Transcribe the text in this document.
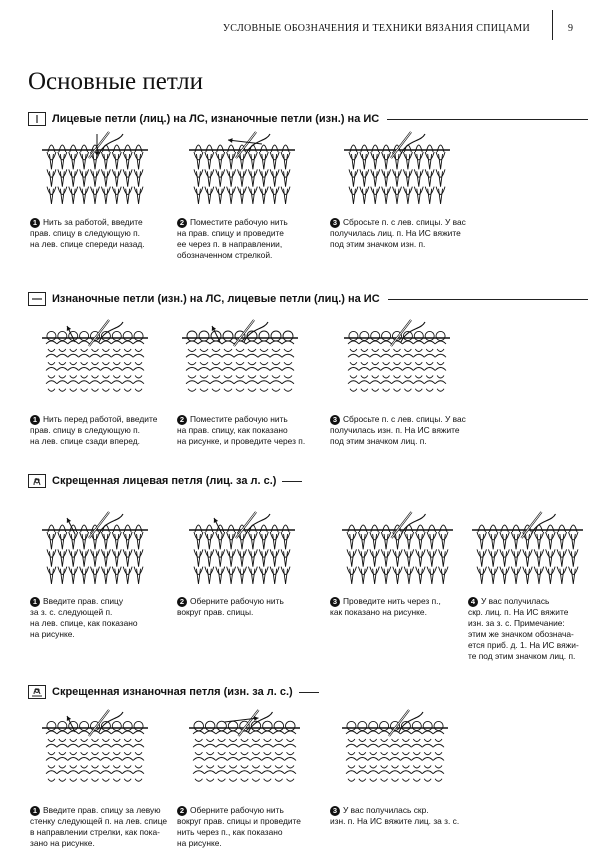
УСЛОВНЫЕ ОБОЗНАЧЕНИЯ И ТЕХНИКИ ВЯЗАНИЯ СПИЦАМИ	9
Основные петли
Лицевые петли (лиц.) на ЛС, изнаночные петли (изн.) на ИС
Изнаночные петли (изн.) на ЛС, лицевые петли (лиц.) на ИС
Скрещенная лицевая петля (лиц. за л. с.)
Скрещенная изнаночная петля (изн. за л. с.)
1 Нить за работой, введите
прав. спицу в следующую п.
на лев. спице спереди назад.
2 Поместите рабочую нить
на прав. спицу и проведите
ее через п. в направлении,
обозначенном стрелкой.
3 Сбросьте п. с лев. спицы. У вас
получилась лиц. п. На ИС вяжите
под этим значком изн. п.
1 Нить перед работой, введите
прав. спицу в следующую п.
на лев. спице сзади вперед.
2 Поместите рабочую нить
на прав. спицу, как показано
на рисунке, и проведите через п.
3 Сбросьте п. с лев. спицы. У вас
получилась изн. п. На ИС вяжите
под этим значком лиц. п.
1 Введите прав. спицу
за з. с. следующей п.
на лев. спице, как показано
на рисунке.
2 Оберните рабочую нить
вокруг прав. спицы.
3 Проведите нить через п.,
как показано на рисунке.
4 У вас получилась
скр. лиц. п. На ИС вяжите
изн. за з. с. Примечание:
этим же значком обознача-
ется приб. д. 1. На ИС вяжи-
те под этим значком лиц. п.
1 Введите прав. спицу за левую
стенку следующей п. на лев. спице
в направлении стрелки, как пока-
зано на рисунке.
2 Оберните рабочую нить
вокруг прав. спицы и проведите
нить через п., как показано
на рисунке.
3 У вас получилась скр.
изн. п. На ИС вяжите лиц. за з. с.
